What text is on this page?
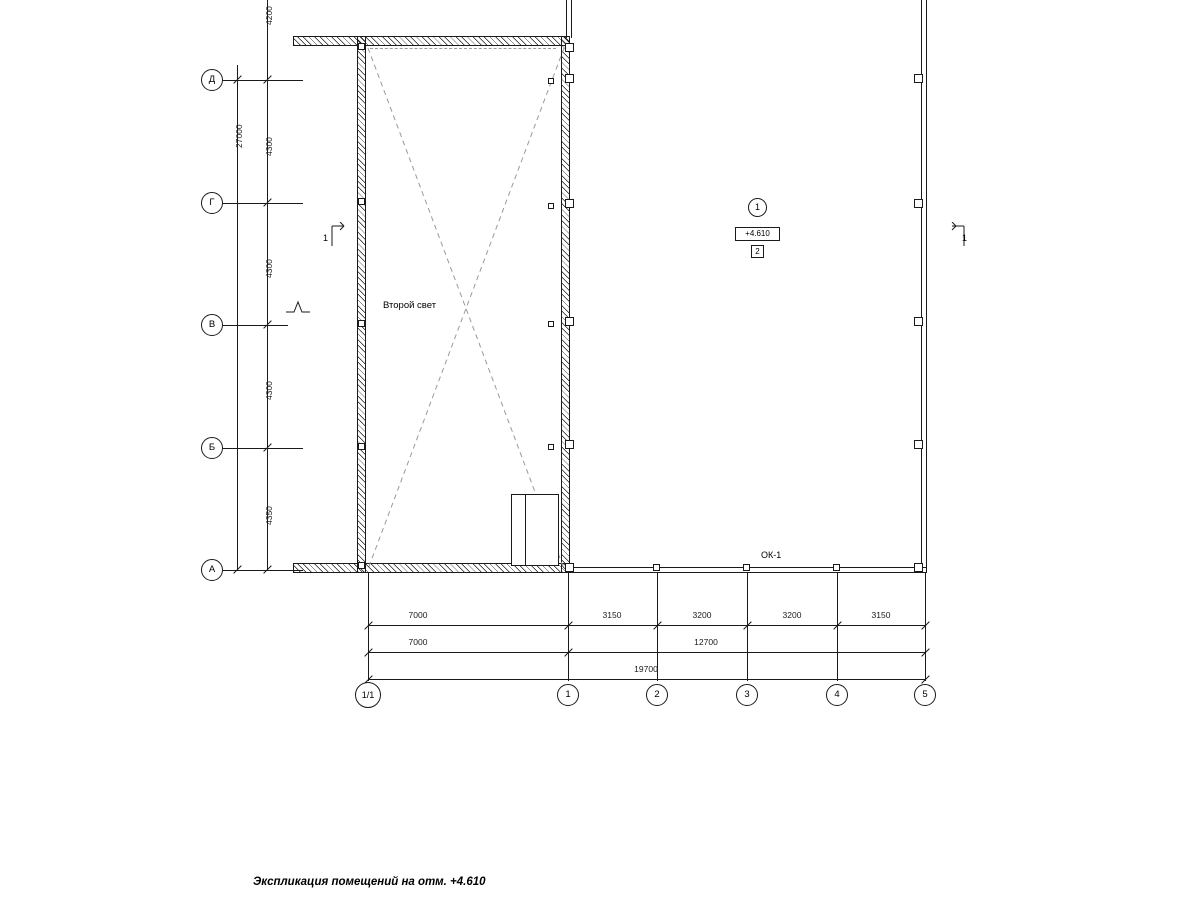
Второй свет
1
+4.610
2
ОК-1
1	1
Д
Г
В
Б
А
4200
4300
4300
4300
4350
27000
1/1	1	2	3	4	5
7000	3150	3200	3200	3150
7000	12700
19700
Экспликация помещений на отм. +4.610
